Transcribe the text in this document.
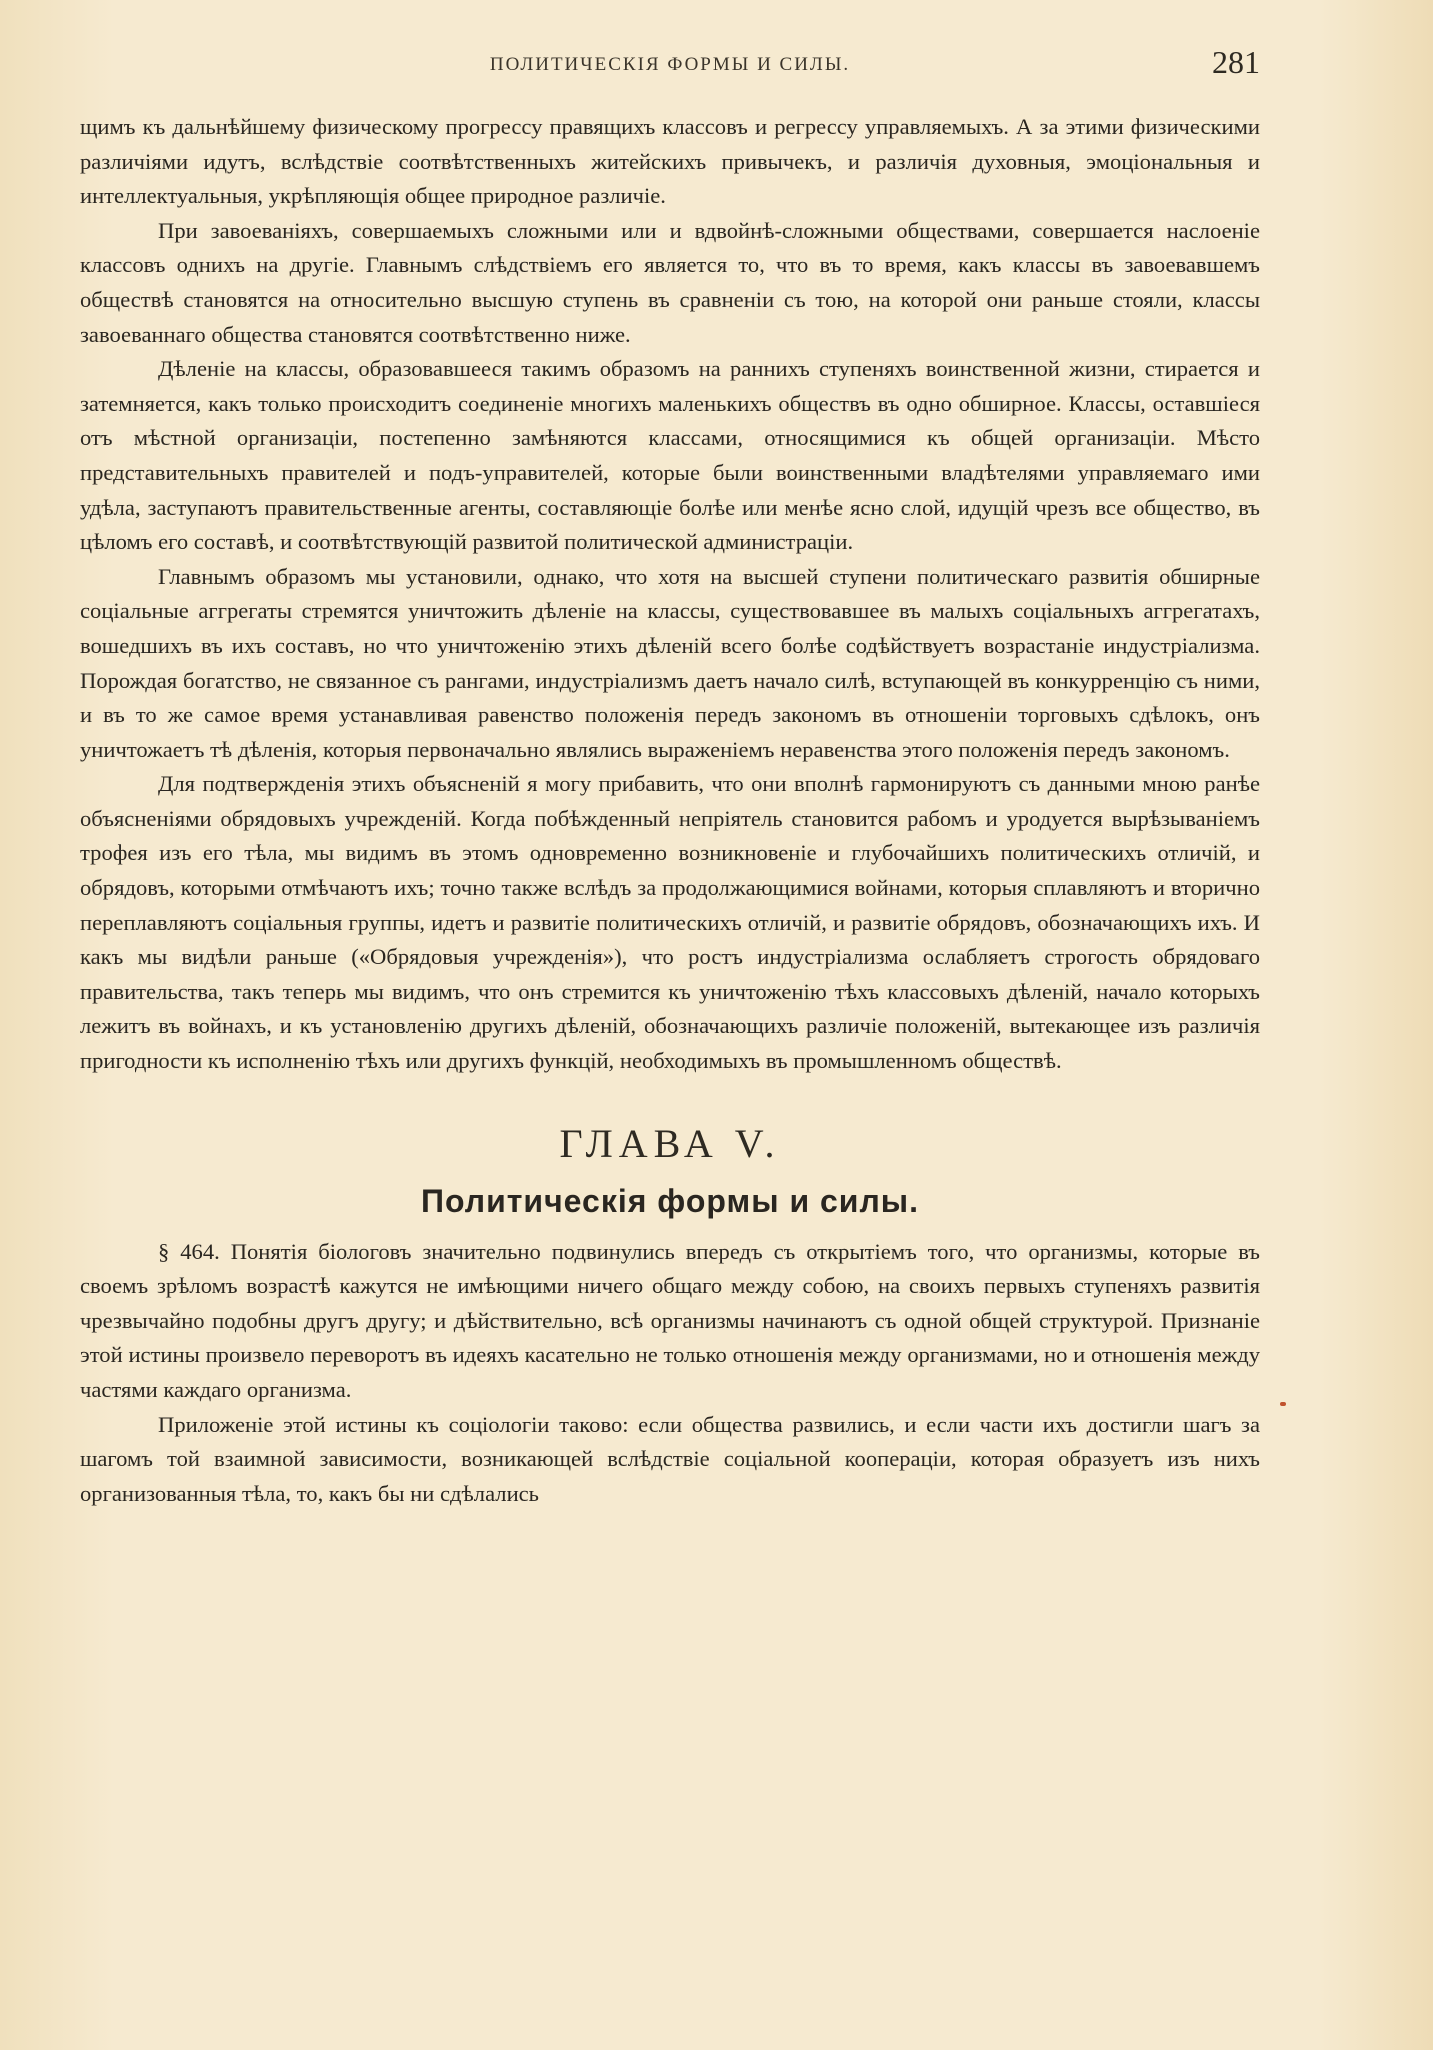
ПОЛИТИЧЕСКІЯ ФОРМЫ И СИЛЫ.	281

щимъ къ дальнѣйшему физическому прогрессу правящихъ классовъ и регрессу управляемыхъ. А за этими физическими различіями идутъ, вслѣдствіе соотвѣтственныхъ житейскихъ привычекъ, и различія духовныя, эмоціональныя и интеллектуальныя, укрѣпляющія общее природное различіе.

При завоеваніяхъ, совершаемыхъ сложными или и вдвойнѣ-сложными обществами, совершается наслоеніе классовъ однихъ на другіе. Главнымъ слѣдствіемъ его является то, что въ то время, какъ классы въ завоевавшемъ обществѣ становятся на относительно высшую ступень въ сравненіи съ тою, на которой они раньше стояли, классы завоеваннаго общества становятся соотвѣтственно ниже.

Дѣленіе на классы, образовавшееся такимъ образомъ на раннихъ ступеняхъ воинственной жизни, стирается и затемняется, какъ только происходитъ соединеніе многихъ маленькихъ обществъ въ одно обширное. Классы, оставшіеся отъ мѣстной организаціи, постепенно замѣняются классами, относящимися къ общей организаціи. Мѣсто представительныхъ правителей и подъ-управителей, которые были воинственными владѣтелями управляемаго ими удѣла, заступаютъ правительственные агенты, составляющіе болѣе или менѣе ясно слой, идущій чрезъ все общество, въ цѣломъ его составѣ, и соотвѣтствующій развитой политической администраціи.

Главнымъ образомъ мы установили, однако, что хотя на высшей ступени политическаго развитія обширные соціальные аггрегаты стремятся уничтожить дѣленіе на классы, существовавшее въ малыхъ соціальныхъ аггрегатахъ, вошедшихъ въ ихъ составъ, но что уничтоженію этихъ дѣленій всего болѣе содѣйствуетъ возрастаніе индустріализма. Порождая богатство, не связанное съ рангами, индустріализмъ даетъ начало силѣ, вступающей въ конкурренцію съ ними, и въ то же самое время устанавливая равенство положенія передъ закономъ въ отношеніи торговыхъ сдѣлокъ, онъ уничтожаетъ тѣ дѣленія, которыя первоначально являлись выраженіемъ неравенства этого положенія передъ закономъ.

Для подтвержденія этихъ объясненій я могу прибавить, что они вполнѣ гармонируютъ съ данными мною ранѣе объясненіями обрядовыхъ учрежденій. Когда побѣжденный непріятель становится рабомъ и уродуется вырѣзываніемъ трофея изъ его тѣла, мы видимъ въ этомъ одновременно возникновеніе и глубочайшихъ политическихъ отличій, и обрядовъ, которыми отмѣчаютъ ихъ; точно также вслѣдъ за продолжающимися войнами, которыя сплавляютъ и вторично переплавляютъ соціальныя группы, идетъ и развитіе политическихъ отличій, и развитіе обрядовъ, обозначающихъ ихъ. И какъ мы видѣли раньше («Обрядовыя учрежденія»), что ростъ индустріализма ослабляетъ строгость обрядоваго правительства, такъ теперь мы видимъ, что онъ стремится къ уничтоженію тѣхъ классовыхъ дѣленій, начало которыхъ лежитъ въ войнахъ, и къ установленію другихъ дѣленій, обозначающихъ различіе положеній, вытекающее изъ различія пригодности къ исполненію тѣхъ или другихъ функцій, необходимыхъ въ промышленномъ обществѣ.

ГЛАВА V.
Политическія формы и силы.

§ 464. Понятія біологовъ значительно подвинулись впередъ съ открытіемъ того, что организмы, которые въ своемъ зрѣломъ возрастѣ кажутся не имѣющими ничего общаго между собою, на своихъ первыхъ ступеняхъ развитія чрезвычайно подобны другъ другу; и дѣйствительно, всѣ организмы начинаютъ съ одной общей структурой. Признаніе этой истины произвело переворотъ въ идеяхъ касательно не только отношенія между организмами, но и отношенія между частями каждаго организма.

Приложеніе этой истины къ соціологіи таково: если общества развились, и если части ихъ достигли шагъ за шагомъ той взаимной зависимости, возникающей вслѣдствіе соціальной коопераціи, которая образуетъ изъ нихъ организованныя тѣла, то, какъ бы ни сдѣлались
